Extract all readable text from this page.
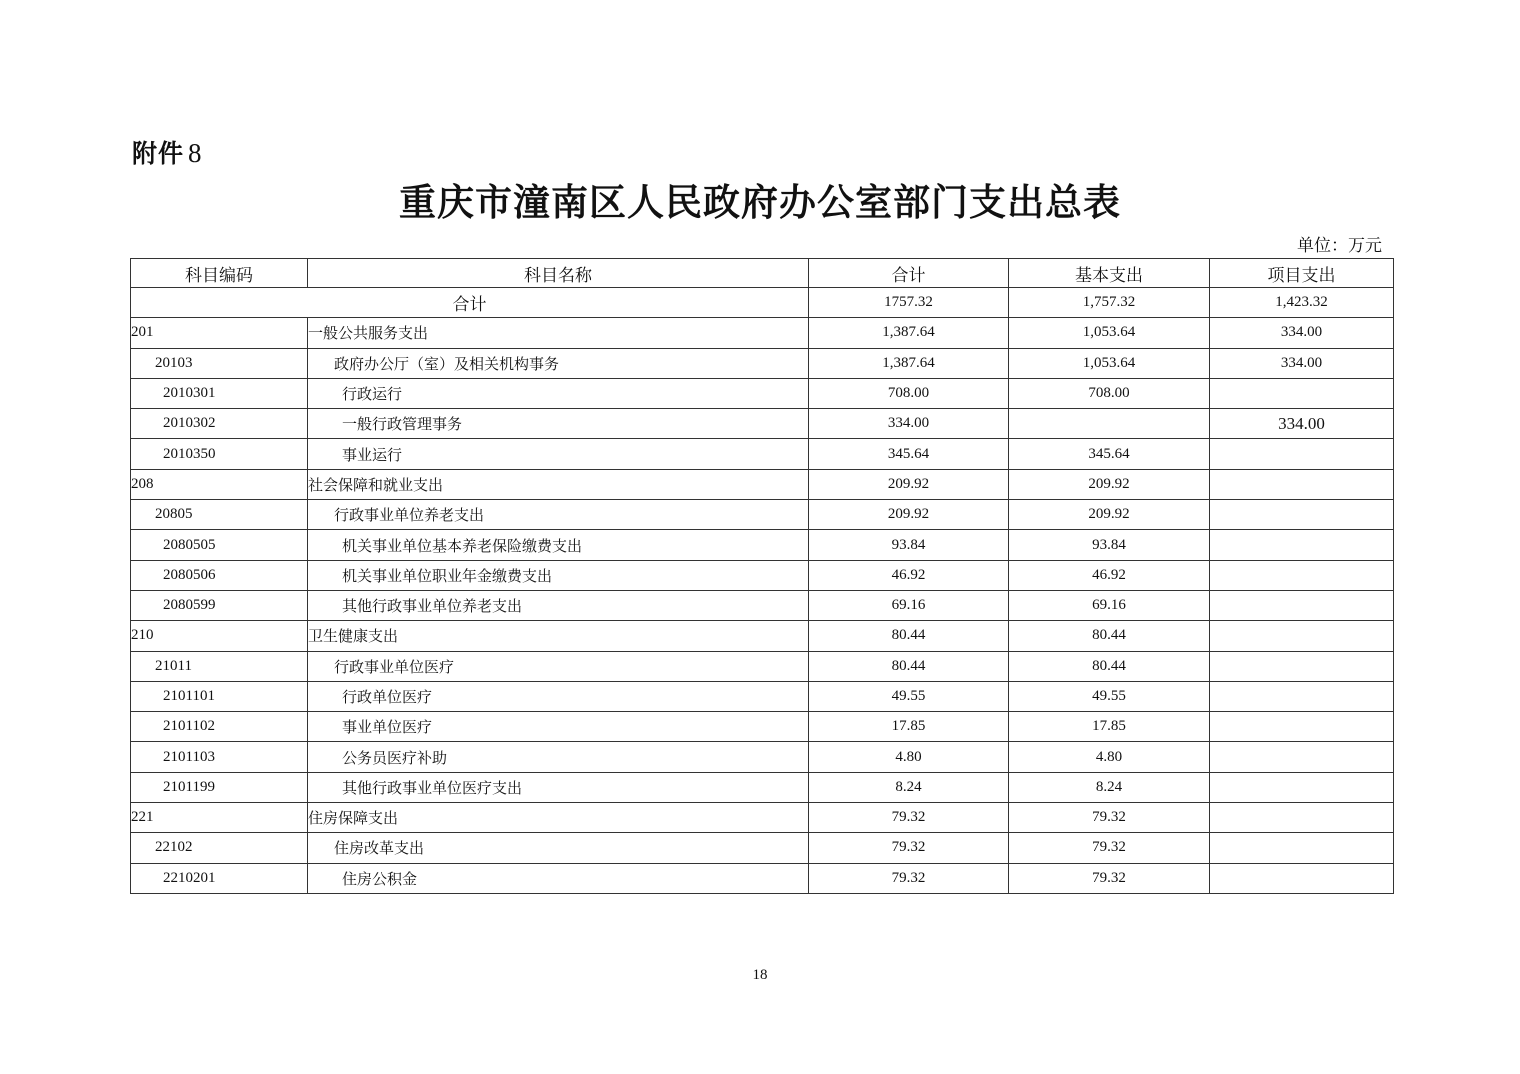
附件 8
重庆市潼南区人民政府办公室部门支出总表
单位：万元
科目编码	科目名称	合计	基本支出	项目支出
合计		1757.32	1,757.32	1,423.32
201	一般公共服务支出	1,387.64	1,053.64	334.00
20103	政府办公厅（室）及相关机构事务	1,387.64	1,053.64	334.00
2010301	行政运行	708.00	708.00	
2010302	一般行政管理事务	334.00		334.00
2010350	事业运行	345.64	345.64	
208	社会保障和就业支出	209.92	209.92	
20805	行政事业单位养老支出	209.92	209.92	
2080505	机关事业单位基本养老保险缴费支出	93.84	93.84	
2080506	机关事业单位职业年金缴费支出	46.92	46.92	
2080599	其他行政事业单位养老支出	69.16	69.16	
210	卫生健康支出	80.44	80.44	
21011	行政事业单位医疗	80.44	80.44	
2101101	行政单位医疗	49.55	49.55	
2101102	事业单位医疗	17.85	17.85	
2101103	公务员医疗补助	4.80	4.80	
2101199	其他行政事业单位医疗支出	8.24	8.24	
221	住房保障支出	79.32	79.32	
22102	住房改革支出	79.32	79.32	
2210201	住房公积金	79.32	79.32	
18
